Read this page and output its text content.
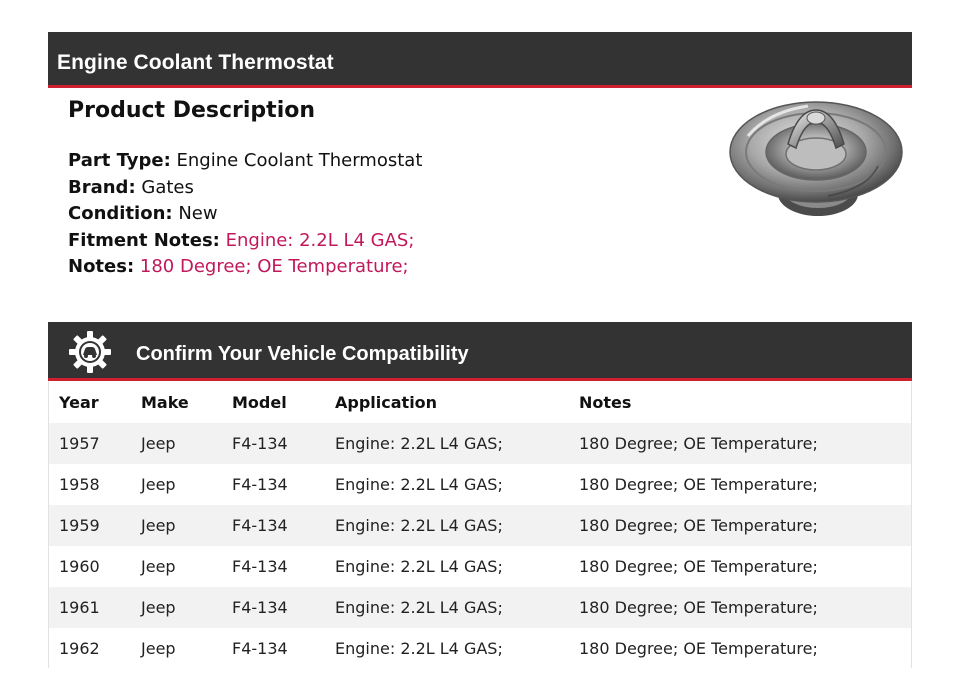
Engine Coolant Thermostat
Product Description
Part Type: Engine Coolant Thermostat
Brand: Gates
Condition: New
Fitment Notes: Engine: 2.2L L4 GAS;
Notes: 180 Degree; OE Temperature;
Confirm Your Vehicle Compatibility
Year	Make	Model	Application	Notes
1957	Jeep	F4-134	Engine: 2.2L L4 GAS;	180 Degree; OE Temperature;
1958	Jeep	F4-134	Engine: 2.2L L4 GAS;	180 Degree; OE Temperature;
1959	Jeep	F4-134	Engine: 2.2L L4 GAS;	180 Degree; OE Temperature;
1960	Jeep	F4-134	Engine: 2.2L L4 GAS;	180 Degree; OE Temperature;
1961	Jeep	F4-134	Engine: 2.2L L4 GAS;	180 Degree; OE Temperature;
1962	Jeep	F4-134	Engine: 2.2L L4 GAS;	180 Degree; OE Temperature;
